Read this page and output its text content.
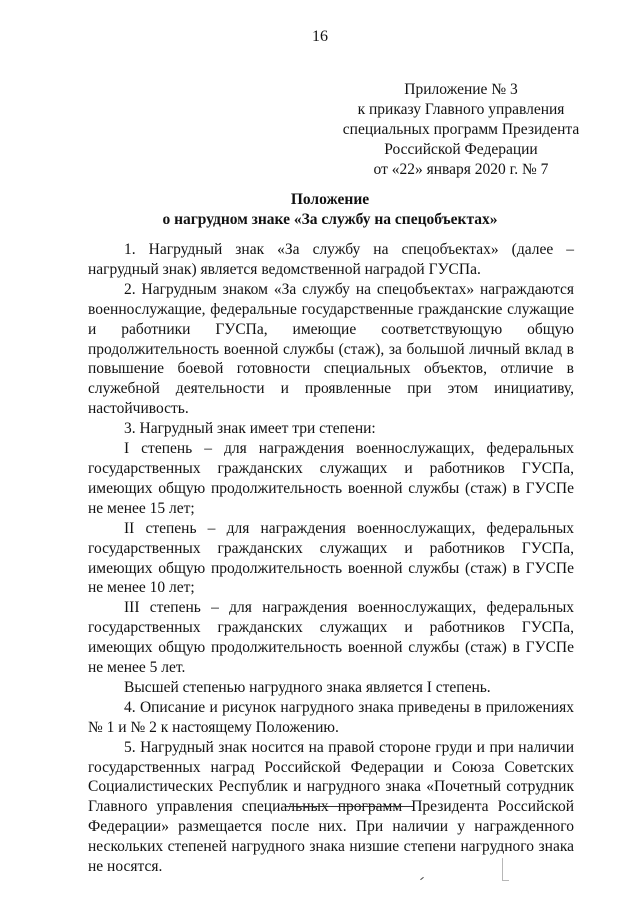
16
Приложение № 3
к приказу Главного управления
специальных программ Президента
Российской Федерации
от «22» января 2020 г. № 7
Положение
о нагрудном знаке «За службу на спецобъектах»

1. Нагрудный знак «За службу на спецобъектах» (далее – нагрудный знак) является ведомственной наградой ГУСПа.

2. Нагрудным знаком «За службу на спецобъектах» награждаются военнослужащие, федеральные государственные гражданские служащие и работники ГУСПа, имеющие соответствующую общую продолжительность военной службы (стаж), за большой личный вклад в повышение боевой готовности специальных объектов, отличие в служебной деятельности и проявленные при этом инициативу, настойчивость.

3. Нагрудный знак имеет три степени:

I степень – для награждения военнослужащих, федеральных государственных гражданских служащих и работников ГУСПа, имеющих общую продолжительность военной службы (стаж) в ГУСПе не менее 15 лет;

II степень – для награждения военнослужащих, федеральных государственных гражданских служащих и работников ГУСПа, имеющих общую продолжительность военной службы (стаж) в ГУСПе не менее 10 лет;

III степень – для награждения военнослужащих, федеральных государственных гражданских служащих и работников ГУСПа, имеющих общую продолжительность военной службы (стаж) в ГУСПе не менее 5 лет.

Высшей степенью нагрудного знака является I степень.

4. Описание и рисунок нагрудного знака приведены в приложениях № 1 и № 2 к настоящему Положению.

5. Нагрудный знак носится на правой стороне груди и при наличии государственных наград Российской Федерации и Союза Советских Социалистических Республик и нагрудного знака «Почетный сотрудник Главного управления специальных программ Президента Российской Федерации» размещается после них. При наличии у награжденного нескольких степеней нагрудного знака низшие степени нагрудного знака не носятся.
